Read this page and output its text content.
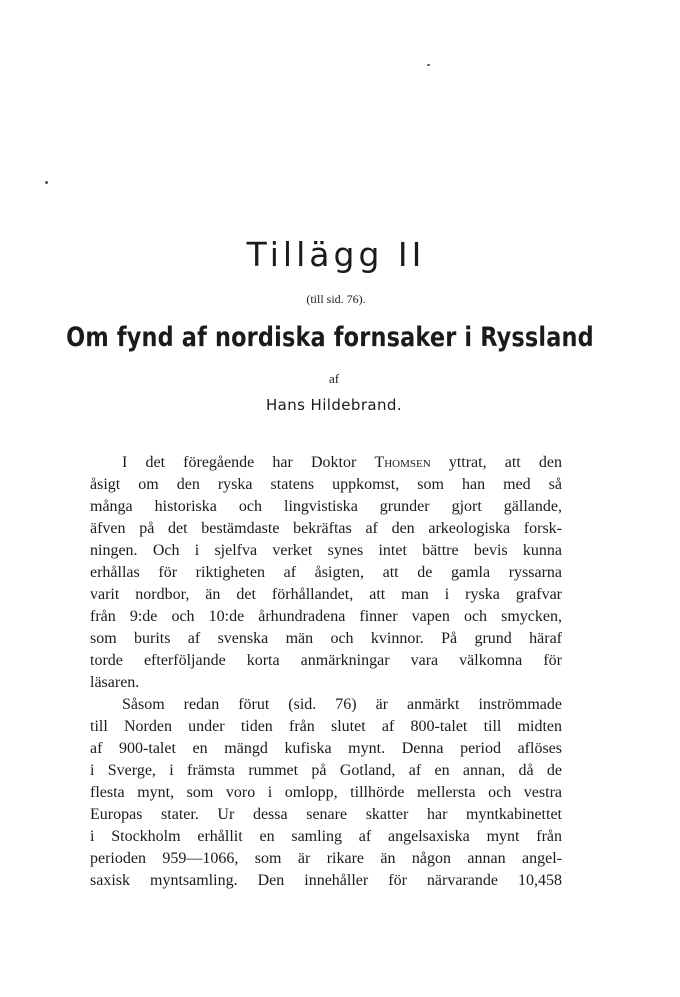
Tillägg II
(till sid. 76).
Om fynd af nordiska fornsaker i Ryssland
af
Hans Hildebrand.
I det föregående har Doktor Thomsen yttrat, att den
åsigt om den ryska statens uppkomst, som han med så
många historiska och lingvistiska grunder gjort gällande,
äfven på det bestämdaste bekräftas af den arkeologiska forsk-
ningen. Och i sjelfva verket synes intet bättre bevis kunna
erhållas för riktigheten af åsigten, att de gamla ryssarna
varit nordbor, än det förhållandet, att man i ryska grafvar
från 9:de och 10:de århundradena finner vapen och smycken,
som burits af svenska män och kvinnor. På grund häraf
torde efterföljande korta anmärkningar vara välkomna för
läsaren.
Såsom redan förut (sid. 76) är anmärkt inströmmade
till Norden under tiden från slutet af 800-talet till midten
af 900-talet en mängd kufiska mynt. Denna period aflöses
i Sverge, i främsta rummet på Gotland, af en annan, då de
flesta mynt, som voro i omlopp, tillhörde mellersta och vestra
Europas stater. Ur dessa senare skatter har myntkabinettet
i Stockholm erhållit en samling af angelsaxiska mynt från
perioden 959—1066, som är rikare än någon annan angel-
saxisk myntsamling. Den innehåller för närvarande 10,458
